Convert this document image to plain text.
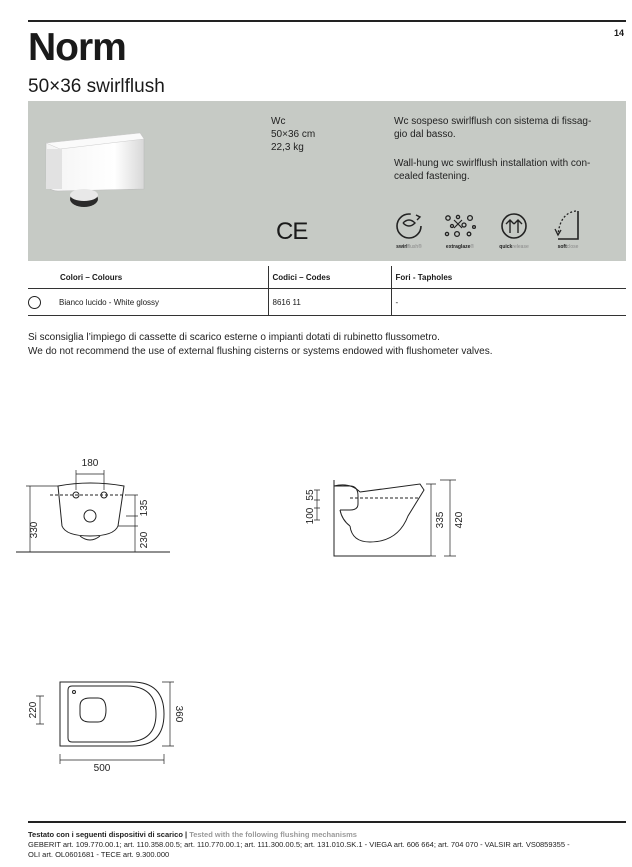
14
Norm
50×36 swirlflush
Wc
50×36 cm
22,3 kg
Wc sospeso swirlflush con sistema di fissag-
gio dal basso.
Wall-hung wc swirlflush installation with con-
cealed fastening.
CE
swirlflush®	extraglaze®	quickrelease	softclose
Colori – Colours	Codici – Codes	Fori - Tapholes
Bianco lucido - White glossy	8616 11	-
Si sconsiglia l’impiego di cassette di scarico esterne o impianti dotati di rubinetto flussometro.
We do not recommend the use of external flushing cisterns or systems endowed with flushometer valves.
180
330
135
230
55
100	335 420
220	360
500
Testato con i seguenti dispositivi di scarico | Tested with the following flushing mechanisms
GEBERIT art. 109.770.00.1; art. 110.358.00.5; art. 110.770.00.1; art. 111.300.00.5; art. 131.010.SK.1 - VIEGA art. 606 664; art. 704 070 - VALSIR art. VS0859355 -
OLI art. OL0601681 - TECE art. 9.300.000
